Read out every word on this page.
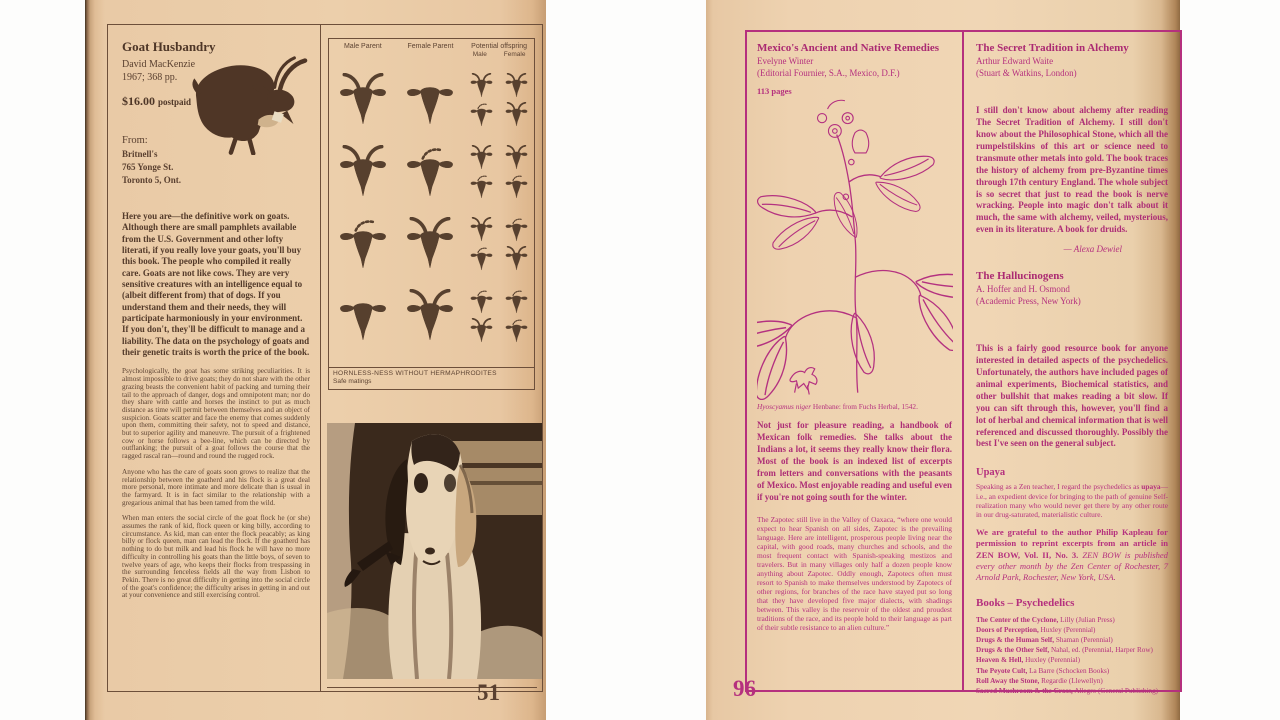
Goat Husbandry

David MacKenzie

1967; 368 pp.

$16.00 postpaid

From:

Britnell's
765 Yonge St.
Toronto 5, Ont.

Here you are—the definitive work on goats. Although there are small pamphlets available from the U.S. Government and other lofty literati, if you really love your goats, you'll buy this book. The people who compiled it really care. Goats are not like cows. They are very sensitive creatures with an intelligence equal to (albeit different from) that of dogs. If you understand them and their needs, they will participate harmoniously in your environment. If you don't, they'll be difficult to manage and a liability. The data on the psychology of goats and their genetic traits is worth the price of the book.

Psychologically, the goat has some striking peculiarities. It is almost impossible to drive goats; they do not share with the other grazing beasts the convenient habit of packing and turning their tail to the approach of danger, dogs and omnipotent man; nor do they share with cattle and horses the instinct to put as much distance as time will permit between themselves and an object of suspicion. Goats scatter and face the enemy that comes suddenly upon them, committing their safety, not to speed and distance, but to superior agility and maneuvre. The pursuit of a frightened cow or horse follows a bee-line, which can be directed by outflanking; the pursuit of a goat follows the course that the ragged rascal ran—round and round the rugged rock.

Anyone who has the care of goats soon grows to realize that the relationship between the goatherd and his flock is a great deal more personal, more intimate and more delicate than is usual in the farmyard. It is in fact similar to the relationship with a gregarious animal that has been tamed from the wild.

When man enters the social circle of the goat flock he (or she) assumes the rank of kid, flock queen or king billy, according to circumstance. As kid, man can enter the flock peacably; as king billy or flock queen, man can lead the flock. If the goatherd has nothing to do but milk and lead his flock he will have no more difficulty in controlling his goats than the little boys, of seven to twelve years of age, who keeps their flocks from trespassing in the surrounding fenceless fields all the way from Lisbon to Pekin. There is no great difficulty in getting into the social circle of the goat's confidence; the difficulty arises in getting in and out at your convenience and still exercising control.

Male Parent	Female Parent	Potential offspring
Male	Female
HORNLESS-NESS WITHOUT HERMAPHRODITES
Safe matings
51
Mexico's Ancient and Native Remedies

Evelyne Winter

(Editorial Fournier, S.A., Mexico, D.F.)

113 pages

Hyoscyamus niger Henbane: from Fuchs Herbal, 1542.

Not just for pleasure reading, a handbook of Mexican folk remedies. She talks about the Indians a lot, it seems they really know their flora. Most of the book is an indexed list of excerpts from letters and conversations with the peasants of Mexico. Most enjoyable reading and useful even if you're not going south for the winter.

The Zapotec still live in the Valley of Oaxaca, “where one would expect to hear Spanish on all sides, Zapotec is the prevailing language. Here are intelligent, prosperous people living near the capital, with good roads, many churches and schools, and the most frequent contact with Spanish-speaking mestizos and travelers. But in many villages only half a dozen people know anything about Zapotec. Oddly enough, Zapotecs often must resort to Spanish to make themselves understood by Zapotecs of other regions, for branches of the race have stayed put so long that they have developed five major dialects, with shadings between. This valley is the reservoir of the oldest and proudest traditions of the race, and its people hold to their language as part of their subtle resistance to an alien culture.”

The Secret Tradition in Alchemy

Arthur Edward Waite

(Stuart & Watkins, London)

I still don't know about alchemy after reading The Secret Tradition of Alchemy. I still don't know about the Philosophical Stone, which all the rumpelstilskins of this art or science need to transmute other metals into gold. The book traces the history of alchemy from pre-Byzantine times through 17th century England. The whole subject is so secret that just to read the book is nerve wracking. People into magic don't talk about it much, the same with alchemy, veiled, mysterious, even in its literature. A book for druids.

— Alexa Dewiel

The Hallucinogens

A. Hoffer and H. Osmond

(Academic Press, New York)

This is a fairly good resource book for anyone interested in detailed aspects of the psychedelics. Unfortunately, the authors have included pages of animal experiments, Biochemical statistics, and other bullshit that makes reading a bit slow. If you can sift through this, however, you'll find a lot of herbal and chemical information that is well referenced and discussed thoroughly. Possibly the best I've seen on the general subject.

Upaya

Speaking as a Zen teacher, I regard the psychedelics as upaya—i.e., an expedient device for bringing to the path of genuine Self-realization many who would never get there by any other route in our drug-saturated, materialistic culture.

We are grateful to the author Philip Kapleau for permission to reprint excerpts from an article in ZEN BOW, Vol. II, No. 3. ZEN BOW is published every other month by the Zen Center of Rochester, 7 Arnold Park, Rochester, New York, USA.

Books – Psychedelics
The Center of the Cyclone, Lilly (Julian Press)
Doors of Perception, Huxley (Perennial)
Drugs & the Human Self, Shaman (Perennial)
Drugs & the Other Self, Nahal, ed. (Perennial, Harper Row)
Heaven & Hell, Huxley (Perennial)
The Peyote Cult, La Barre (Schocken Books)
Roll Away the Stone, Regardie (Llewellyn)
Sacred Mushroom & the Cross, Allegro (General Publishing)
96
